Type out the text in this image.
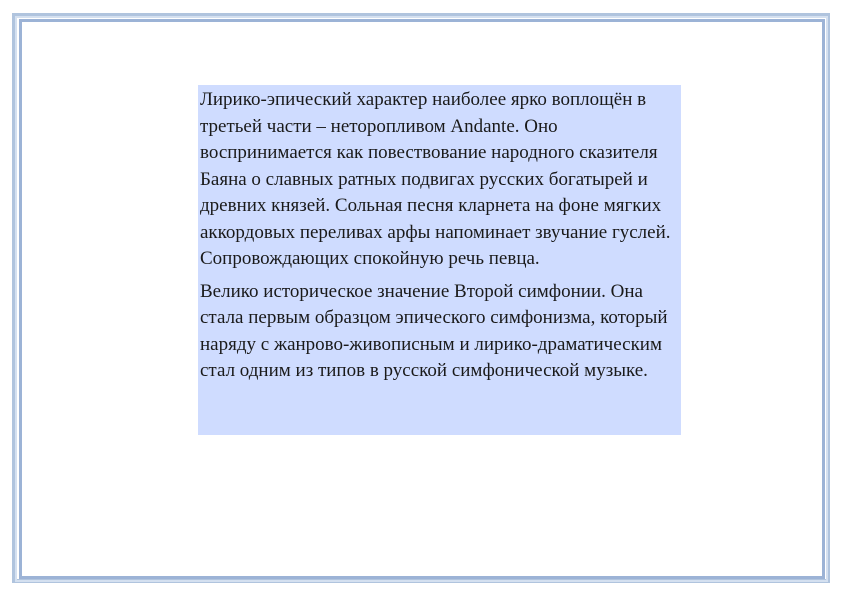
Лирико-эпический характер наиболее ярко воплощён в третьей части – неторопливом Andante. Оно воспринимается как повествование народного сказителя Баяна о славных ратных подвигах русских богатырей и древних князей. Сольная песня кларнета на фоне мягких аккордовых переливах арфы напоминает звучание гуслей. Сопровождающих спокойную речь певца.

Велико историческое значение Второй симфонии. Она стала первым образцом эпического симфонизма, который наряду с жанрово-живописным и лирико-драматическим стал одним из типов в русской симфонической музыке.
